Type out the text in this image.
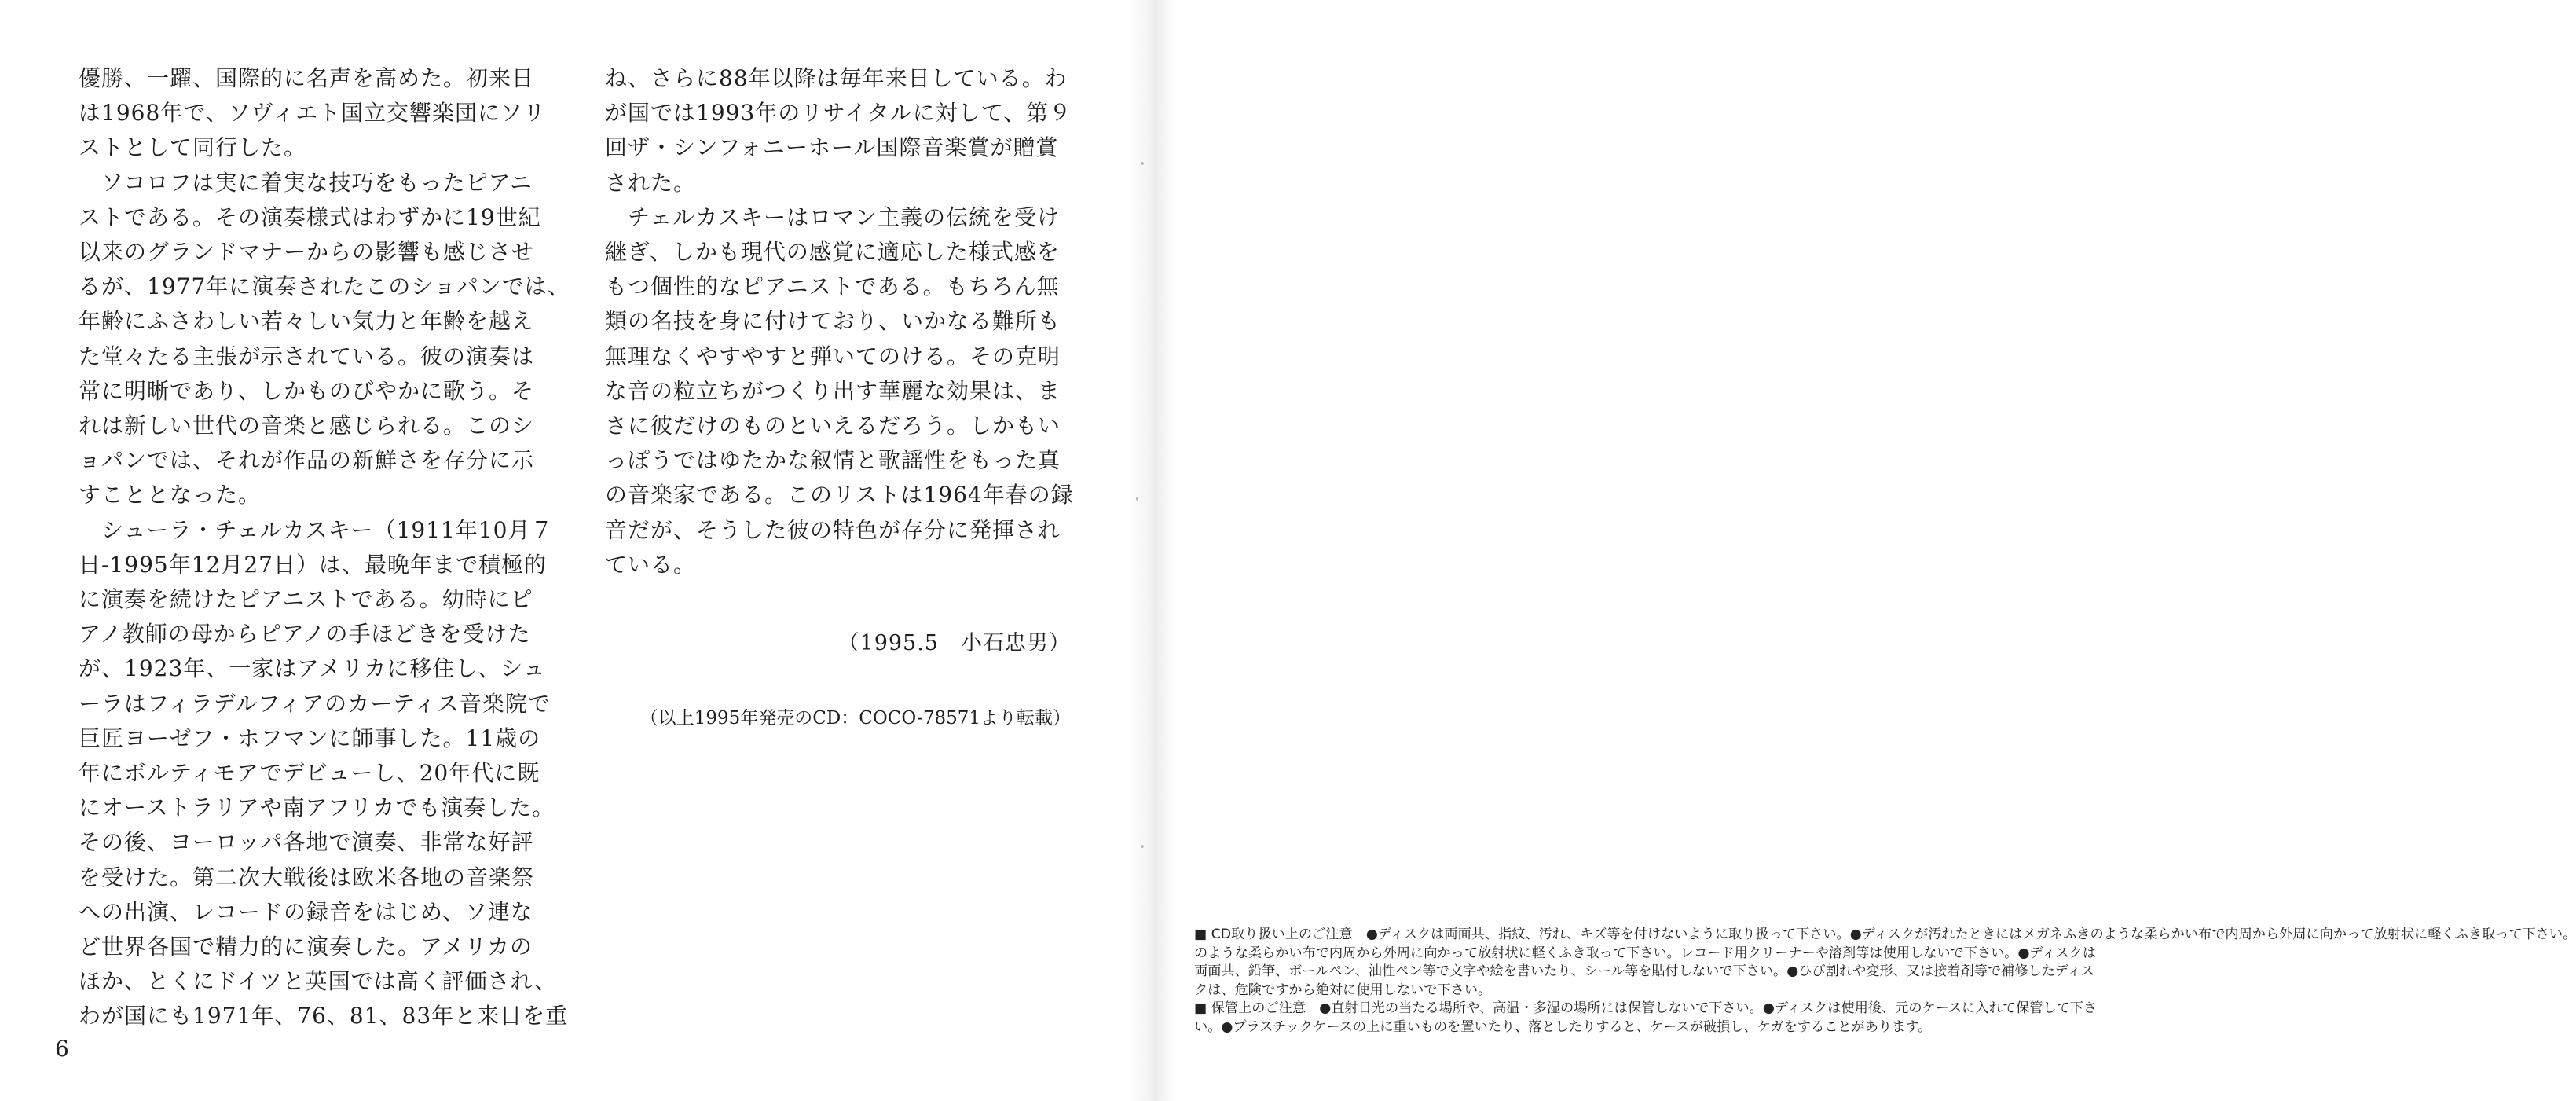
優勝、一躍、国際的に名声を高めた。初来日

は1968年で、ソヴィエト国立交響楽団にソリ

ストとして同行した。

　ソコロフは実に着実な技巧をもったピアニ

ストである。その演奏様式はわずかに19世紀

以来のグランドマナーからの影響も感じさせ

るが、1977年に演奏されたこのショパンでは、

年齢にふさわしい若々しい気力と年齢を越え

た堂々たる主張が示されている。彼の演奏は

常に明晰であり、しかものびやかに歌う。そ

れは新しい世代の音楽と感じられる。このシ

ョパンでは、それが作品の新鮮さを存分に示

すこととなった。

　シューラ・チェルカスキー（1911年10月７

日-1995年12月27日）は、最晩年まで積極的

に演奏を続けたピアニストである。幼時にピ

アノ教師の母からピアノの手ほどきを受けた

が、1923年、一家はアメリカに移住し、シュ

ーラはフィラデルフィアのカーティス音楽院で

巨匠ヨーゼフ・ホフマンに師事した。11歳の

年にボルティモアでデビューし、20年代に既

にオーストラリアや南アフリカでも演奏した。

その後、ヨーロッパ各地で演奏、非常な好評

を受けた。第二次大戦後は欧米各地の音楽祭

への出演、レコードの録音をはじめ、ソ連な

ど世界各国で精力的に演奏した。アメリカの

ほか、とくにドイツと英国では高く評価され、

わが国にも1971年、76、81、83年と来日を重

ね、さらに88年以降は毎年来日している。わ

が国では1993年のリサイタルに対して、第９

回ザ・シンフォニーホール国際音楽賞が贈賞

された。

　チェルカスキーはロマン主義の伝統を受け

継ぎ、しかも現代の感覚に適応した様式感を

もつ個性的なピアニストである。もちろん無

類の名技を身に付けており、いかなる難所も

無理なくやすやすと弾いてのける。その克明

な音の粒立ちがつくり出す華麗な効果は、ま

さに彼だけのものといえるだろう。しかもい

っぽうではゆたかな叙情と歌謡性をもった真

の音楽家である。このリストは1964年春の録

音だが、そうした彼の特色が存分に発揮され

ている。

（1995.5　小石忠男）
（以上1995年発売のCD：COCO-78571より転載）
6

■ CD取り扱い上のご注意　●ディスクは両面共、指紋、汚れ、キズ等を付けないように取り扱って下さい。●ディスクが汚れたときにはメガネふきのような柔らかい布で内周から外周に向かって放射状に軽くふき取って下さい。

のような柔らかい布で内周から外周に向かって放射状に軽くふき取って下さい。レコード用クリーナーや溶剤等は使用しないで下さい。●ディスクは

両面共、鉛筆、ボールペン、油性ペン等で文字や絵を書いたり、シール等を貼付しないで下さい。●ひび割れや変形、又は接着剤等で補修したディス

クは、危険ですから絶対に使用しないで下さい。

■ 保管上のご注意　●直射日光の当たる場所や、高温・多湿の場所には保管しないで下さい。●ディスクは使用後、元のケースに入れて保管して下さ

い。●プラスチックケースの上に重いものを置いたり、落としたりすると、ケースが破損し、ケガをすることがあります。
